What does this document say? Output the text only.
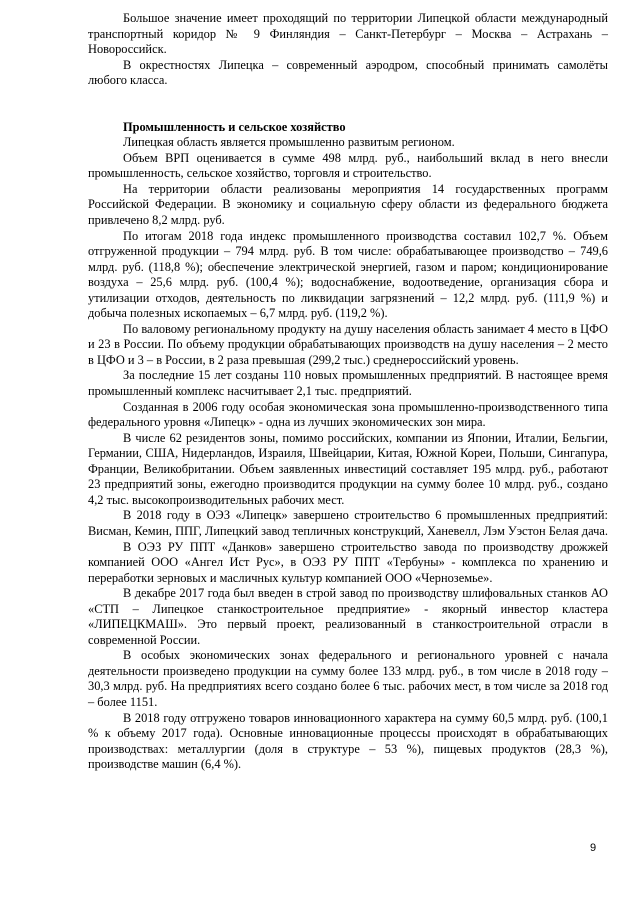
Большое значение имеет проходящий по территории Липецкой области международный транспортный коридор № 9 Финляндия – Санкт-Петербург – Москва – Астрахань – Новороссийск.

В окрестностях Липецка – современный аэродром, способный принимать самолёты любого класса.

Промышленность и сельское хозяйство

Липецкая область является промышленно развитым регионом.

Объем ВРП оценивается в сумме 498 млрд. руб., наибольший вклад в него внесли промышленность, сельское хозяйство, торговля и строительство.

На территории области реализованы мероприятия 14 государственных программ Российской Федерации. В экономику и социальную сферу области из федерального бюджета привлечено 8,2 млрд. руб.

По итогам 2018 года индекс промышленного производства составил 102,7 %. Объем отгруженной продукции – 794 млрд. руб. В том числе: обрабатывающее производство – 749,6 млрд. руб. (118,8 %); обеспечение электрической энергией, газом и паром; кондиционирование воздуха – 25,6 млрд. руб. (100,4 %); водоснабжение, водоотведение, организация сбора и утилизации отходов, деятельность по ликвидации загрязнений – 12,2 млрд. руб. (111,9 %) и добыча полезных ископаемых – 6,7 млрд. руб. (119,2 %).

По валовому региональному продукту на душу населения область занимает 4 место в ЦФО и 23 в России. По объему продукции обрабатывающих производств на душу населения – 2 место в ЦФО и 3 – в России, в 2 раза превышая (299,2 тыс.) среднероссийский уровень.

За последние 15 лет созданы 110 новых промышленных предприятий. В настоящее время промышленный комплекс насчитывает 2,1 тыс. предприятий.

Созданная в 2006 году особая экономическая зона промышленно-производственного типа федерального уровня «Липецк» - одна из лучших экономических зон мира.

В числе 62 резидентов зоны, помимо российских, компании из Японии, Италии, Бельгии, Германии, США, Нидерландов, Израиля, Швейцарии, Китая, Южной Кореи, Польши, Сингапура, Франции, Великобритании. Объем заявленных инвестиций составляет 195 млрд. руб., работают 23 предприятий зоны, ежегодно производится продукции на сумму более 10 млрд. руб., создано 4,2 тыс. высокопроизводительных рабочих мест.

В 2018 году в ОЭЗ «Липецк» завершено строительство 6 промышленных предприятий: Висман, Кемин, ППГ, Липецкий завод тепличных конструкций, Ханевелл, Лэм Уэстон Белая дача.

В ОЭЗ РУ ППТ «Данков» завершено строительство завода по производству дрожжей компанией ООО «Ангел Ист Рус», в ОЭЗ РУ ППТ «Тербуны» - комплекса по хранению и переработки зерновых и масличных культур компанией ООО «Черноземье».

В декабре 2017 года был введен в строй завод по производству шлифовальных станков АО «СТП – Липецкое станкостроительное предприятие» - якорный инвестор кластера «ЛИПЕЦКМАШ». Это первый проект, реализованный в станкостроительной отрасли в современной России.

В особых экономических зонах федерального и регионального уровней с начала деятельности произведено продукции на сумму более 133 млрд. руб., в том числе в 2018 году – 30,3 млрд. руб. На предприятиях всего создано более 6 тыс. рабочих мест, в том числе за 2018 год – более 1151.

В 2018 году отгружено товаров инновационного характера на сумму 60,5 млрд. руб. (100,1 % к объему 2017 года). Основные инновационные процессы происходят в обрабатывающих производствах: металлургии (доля в структуре – 53 %), пищевых продуктов (28,3 %), производстве машин (6,4 %).

9
